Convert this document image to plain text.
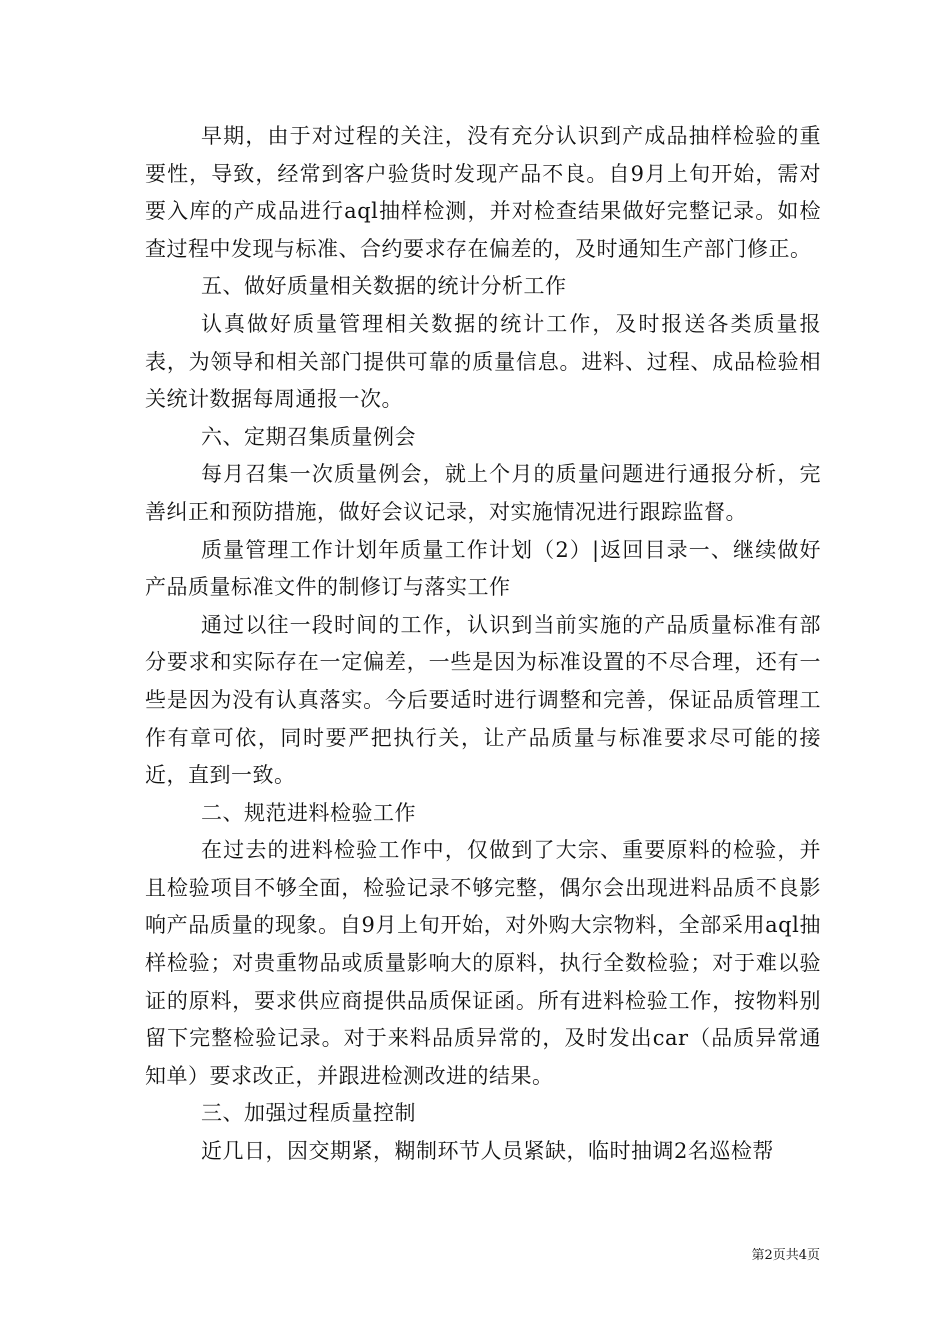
早期，由于对过程的关注，没有充分认识到产成品抽样检验的重要性，导致，经常到客户验货时发现产品不良。自9月上旬开始，需对要入库的产成品进行aql抽样检测，并对检查结果做好完整记录。如检查过程中发现与标准、合约要求存在偏差的，及时通知生产部门修正。

五、做好质量相关数据的统计分析工作

认真做好质量管理相关数据的统计工作，及时报送各类质量报表，为领导和相关部门提供可靠的质量信息。进料、过程、成品检验相关统计数据每周通报一次。

六、定期召集质量例会

每月召集一次质量例会，就上个月的质量问题进行通报分析，完善纠正和预防措施，做好会议记录，对实施情况进行跟踪监督。

质量管理工作计划年质量工作计划（2）|返回目录一、继续做好产品质量标准文件的制修订与落实工作

通过以往一段时间的工作，认识到当前实施的产品质量标准有部分要求和实际存在一定偏差，一些是因为标准设置的不尽合理，还有一些是因为没有认真落实。今后要适时进行调整和完善，保证品质管理工作有章可依，同时要严把执行关，让产品质量与标准要求尽可能的接近，直到一致。

二、规范进料检验工作

在过去的进料检验工作中，仅做到了大宗、重要原料的检验，并且检验项目不够全面，检验记录不够完整，偶尔会出现进料品质不良影响产品质量的现象。自9月上旬开始，对外购大宗物料，全部采用aql抽样检验；对贵重物品或质量影响大的原料，执行全数检验；对于难以验证的原料，要求供应商提供品质保证函。所有进料检验工作，按物料别留下完整检验记录。对于来料品质异常的，及时发出car（品质异常通知单）要求改正，并跟进检测改进的结果。

三、加强过程质量控制

近几日，因交期紧，糊制环节人员紧缺，临时抽调2名巡检帮

第2页共4页
